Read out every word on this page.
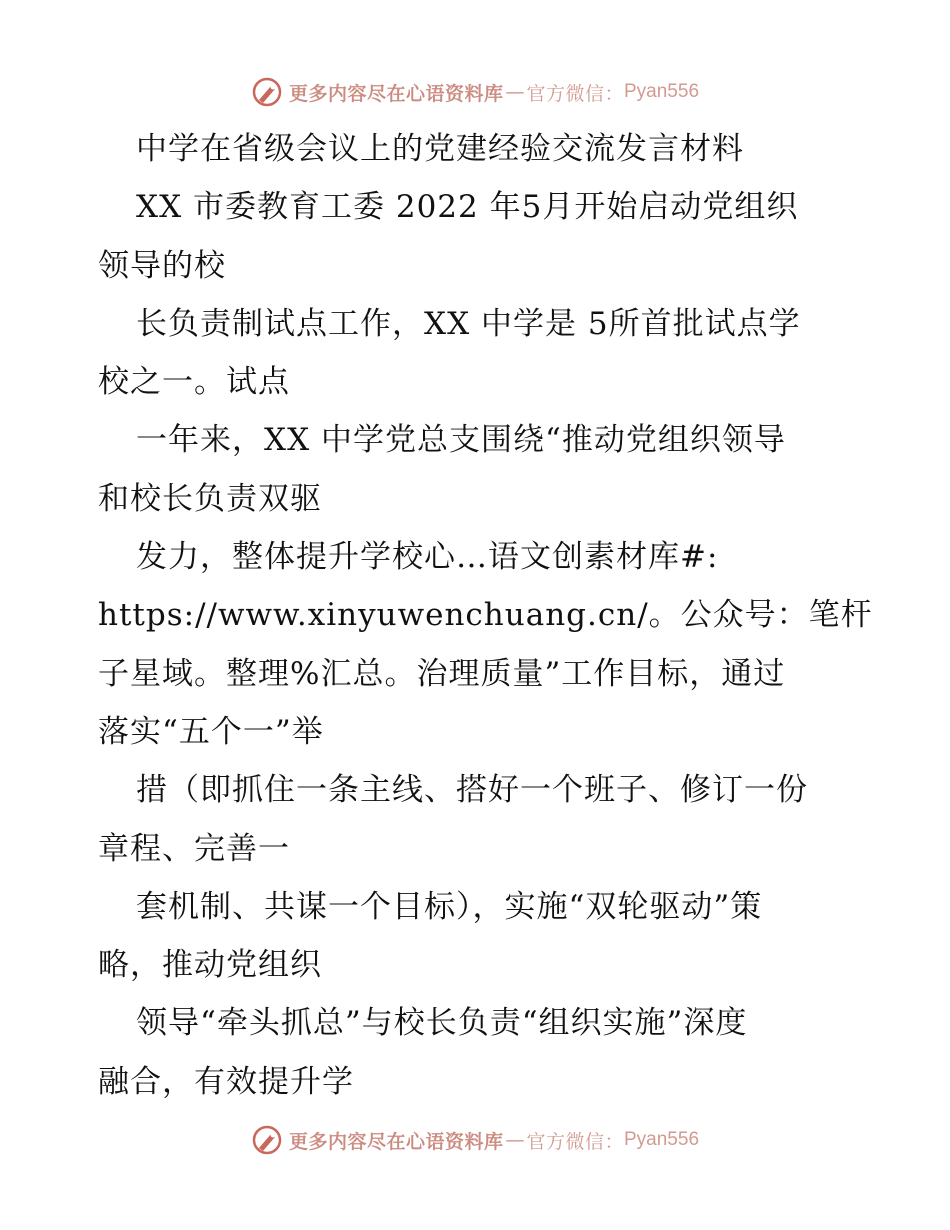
更多内容尽在心语资料库 — 官方微信： Pyan556
中学在省级会议上的党建经验交流发言材料
XX 市委教育工委 2022 年5月开始启动党组织
领导的校
长负责制试点工作，XX 中学是 5所首批试点学
校之一。试点
一年来，XX 中学党总支围绕“推动党组织领导
和校长负责双驱
发力，整体提升学校心…语文创素材库#:
https://www.xinyuwenchuang.cn/。公众号：笔杆
子星域。整理%汇总。治理质量”工作目标，通过
落实“五个一”举
措（即抓住一条主线、搭好一个班子、修订一份
章程、完善一
套机制、共谋一个目标），实施“双轮驱动”策
略，推动党组织
领导“牵头抓总”与校长负责“组织实施”深度
融合，有效提升学
更多内容尽在心语资料库 — 官方微信： Pyan556
